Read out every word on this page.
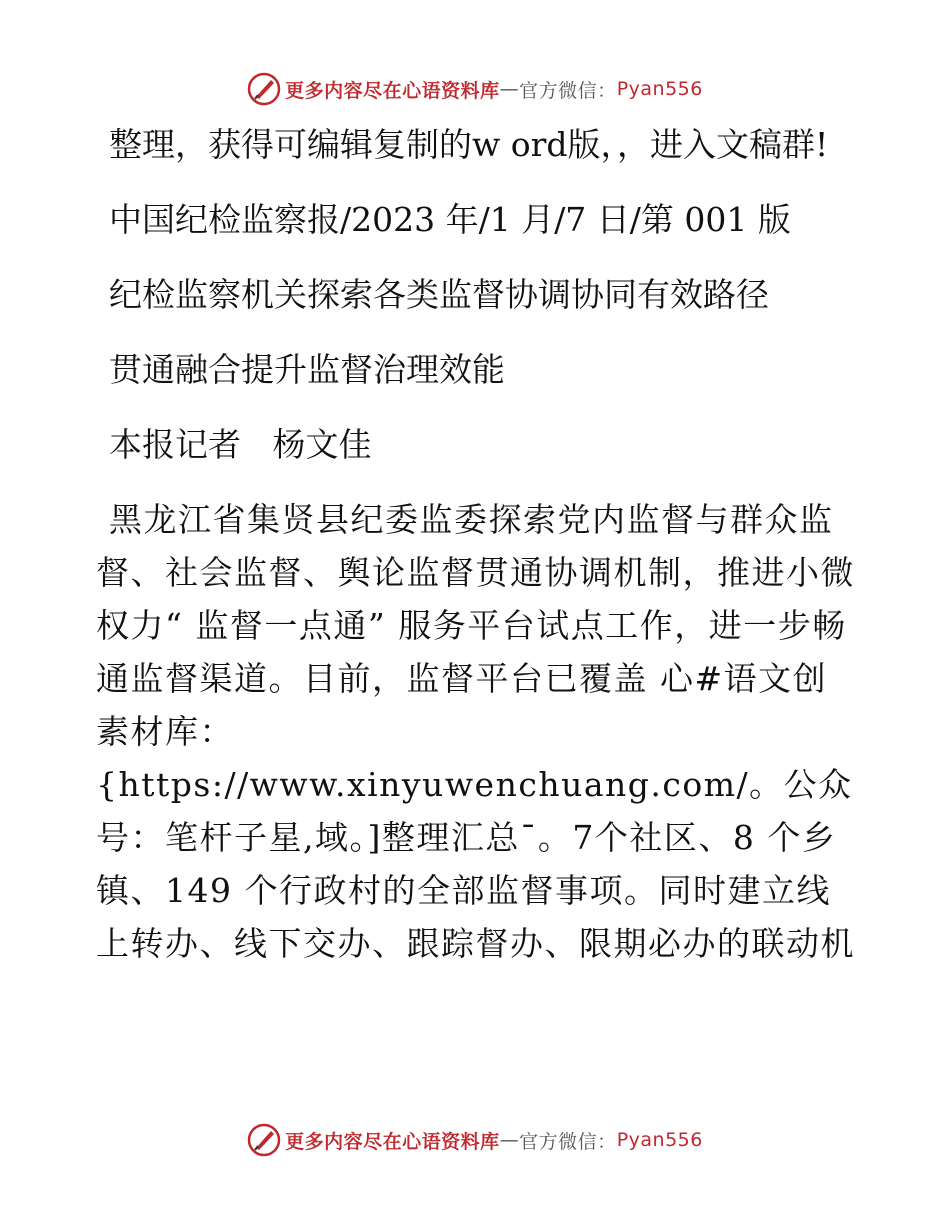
更多内容尽在心语资料库 — 官方微信： Pyan556

整理，获得可编辑复制的w ord版，，进入文稿群!

中国纪检监察报/2023 年/1 月/7 日/第 001 版

纪检监察机关探索各类监督协调协同有效路径

贯通融合提升监督治理效能

本报记者   杨文佳

黑龙江省集贤县纪委监委探索党内监督与群众监督、社会监督、舆论监督贯通协调机制，推进小微权力“ 监督一点通” 服务平台试点工作，进一步畅通监督渠道。目前，监督平台已覆盖 心#语文创素材库：{https://www.xinyuwenchuang.com/。公众号：笔杆子星,域。]整理汇总¯。7个社区、8 个乡镇、149 个行政村的全部监督事项。同时建立线上转办、线下交办、跟踪督办、限期必办的联动机

更多内容尽在心语资料库 — 官方微信： Pyan556
